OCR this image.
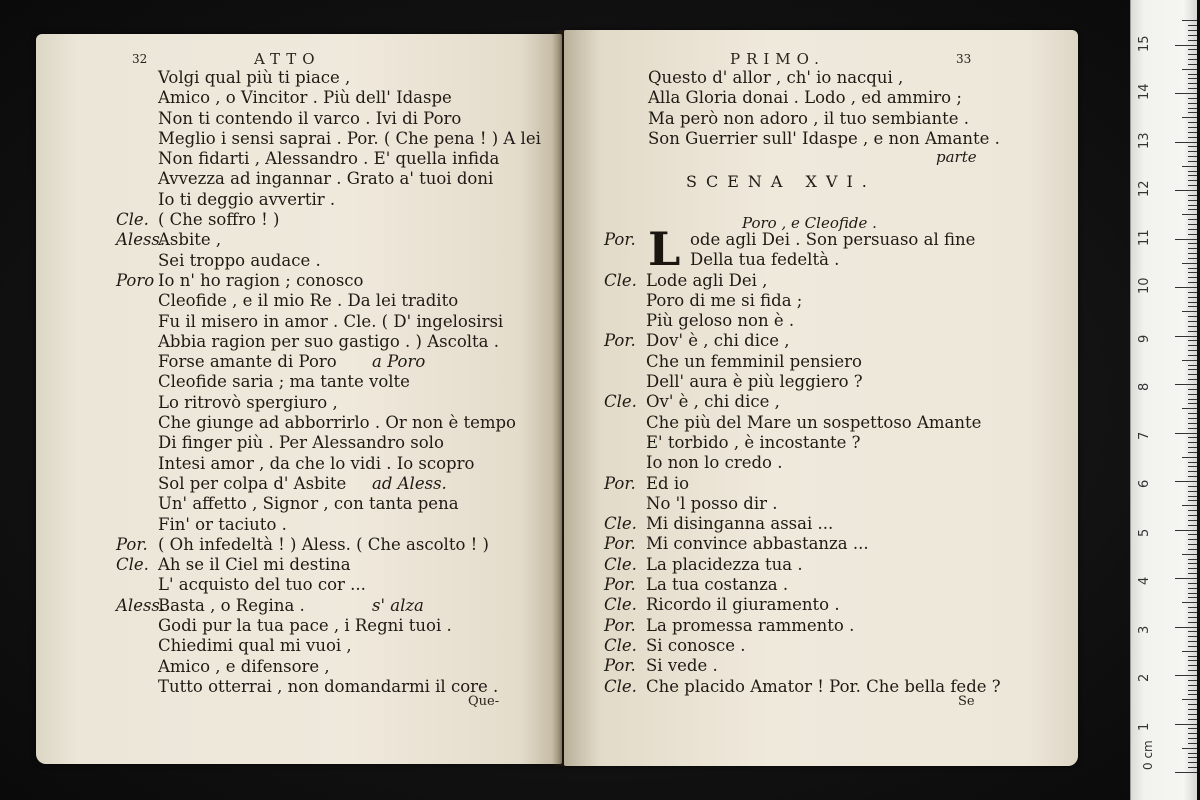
32	ATTO
Volgi qual più ti piace ,
Amico , o Vincitor . Più dell' Idaspe
Non ti contendo il varco . Ivi di Poro
Meglio i sensi saprai . Por. ( Che pena ! ) A lei
Non fidarti , Alessandro . E' quella infida
Avvezza ad ingannar . Grato a' tuoi doni
Io ti deggio avvertir .
Cle. ( Che soffro ! )
Aless.
Asbite ,
Sei troppo audace .
Poro Io n' ho ragion ; conosco
Cleofide , e il mio Re . Da lei tradito
Fu il misero in amor . Cle. ( D' ingelosirsi
Abbia ragion per suo gastigo . ) Ascolta .
Forse amante di Poro a Poro
Cleofide saria ; ma tante volte
Lo ritrovò spergiuro ,
Che giunge ad abborrirlo . Or non è tempo
Di finger più . Per Alessandro solo
Intesi amor , da che lo vidi . Io scopro
Sol per colpa d' Asbite ad Aless.
Un' affetto , Signor , con tanta pena
Fin' or taciuto .
Por. ( Oh infedeltà ! ) Aless. ( Che ascolto ! )
Cle. Ah se il Ciel mi destina
L' acquisto del tuo cor ...
Aless.
Basta , o Regina .	s' alza
Godi pur la tua pace , i Regni tuoi .
Chiedimi qual mi vuoi ,
Amico , e difensore ,
Tutto otterrai , non domandarmi il core .
Que-
PRIMO.	33
Questo d' allor , ch' io nacqui ,
Alla Gloria donai . Lodo , ed ammiro ;
Ma però non adoro , il tuo sembiante .
Son Guerrier sull' Idaspe , e non Amante .
parte
SCENA XVI.
Poro , e Cleofide .
L
Por.	ode agli Dei . Son persuaso al fine
Della tua fedeltà .
Cle. Lode agli Dei ,
Poro di me si fida ;
Più geloso non è .
Por. Dov' è , chi dice ,
Che un femminil pensiero
Dell' aura è più leggiero ?
Cle. Ov' è , chi dice ,
Che più del Mare un sospettoso Amante
E' torbido , è incostante ?
Io non lo credo .
Por. Ed io
No 'l posso dir .
Cle. Mi disinganna assai ...
Por. Mi convince abbastanza ...
Cle. La placidezza tua .
Por. La tua costanza .
Cle. Ricordo il giuramento .
Por. La promessa rammento .
Cle. Si conosce .
Por. Si vede .
Cle. Che placido Amator ! Por. Che bella fede ?
Se
0 cm
1
2
3
4
5
6
7
8
9
10
11
12
13
14
15
